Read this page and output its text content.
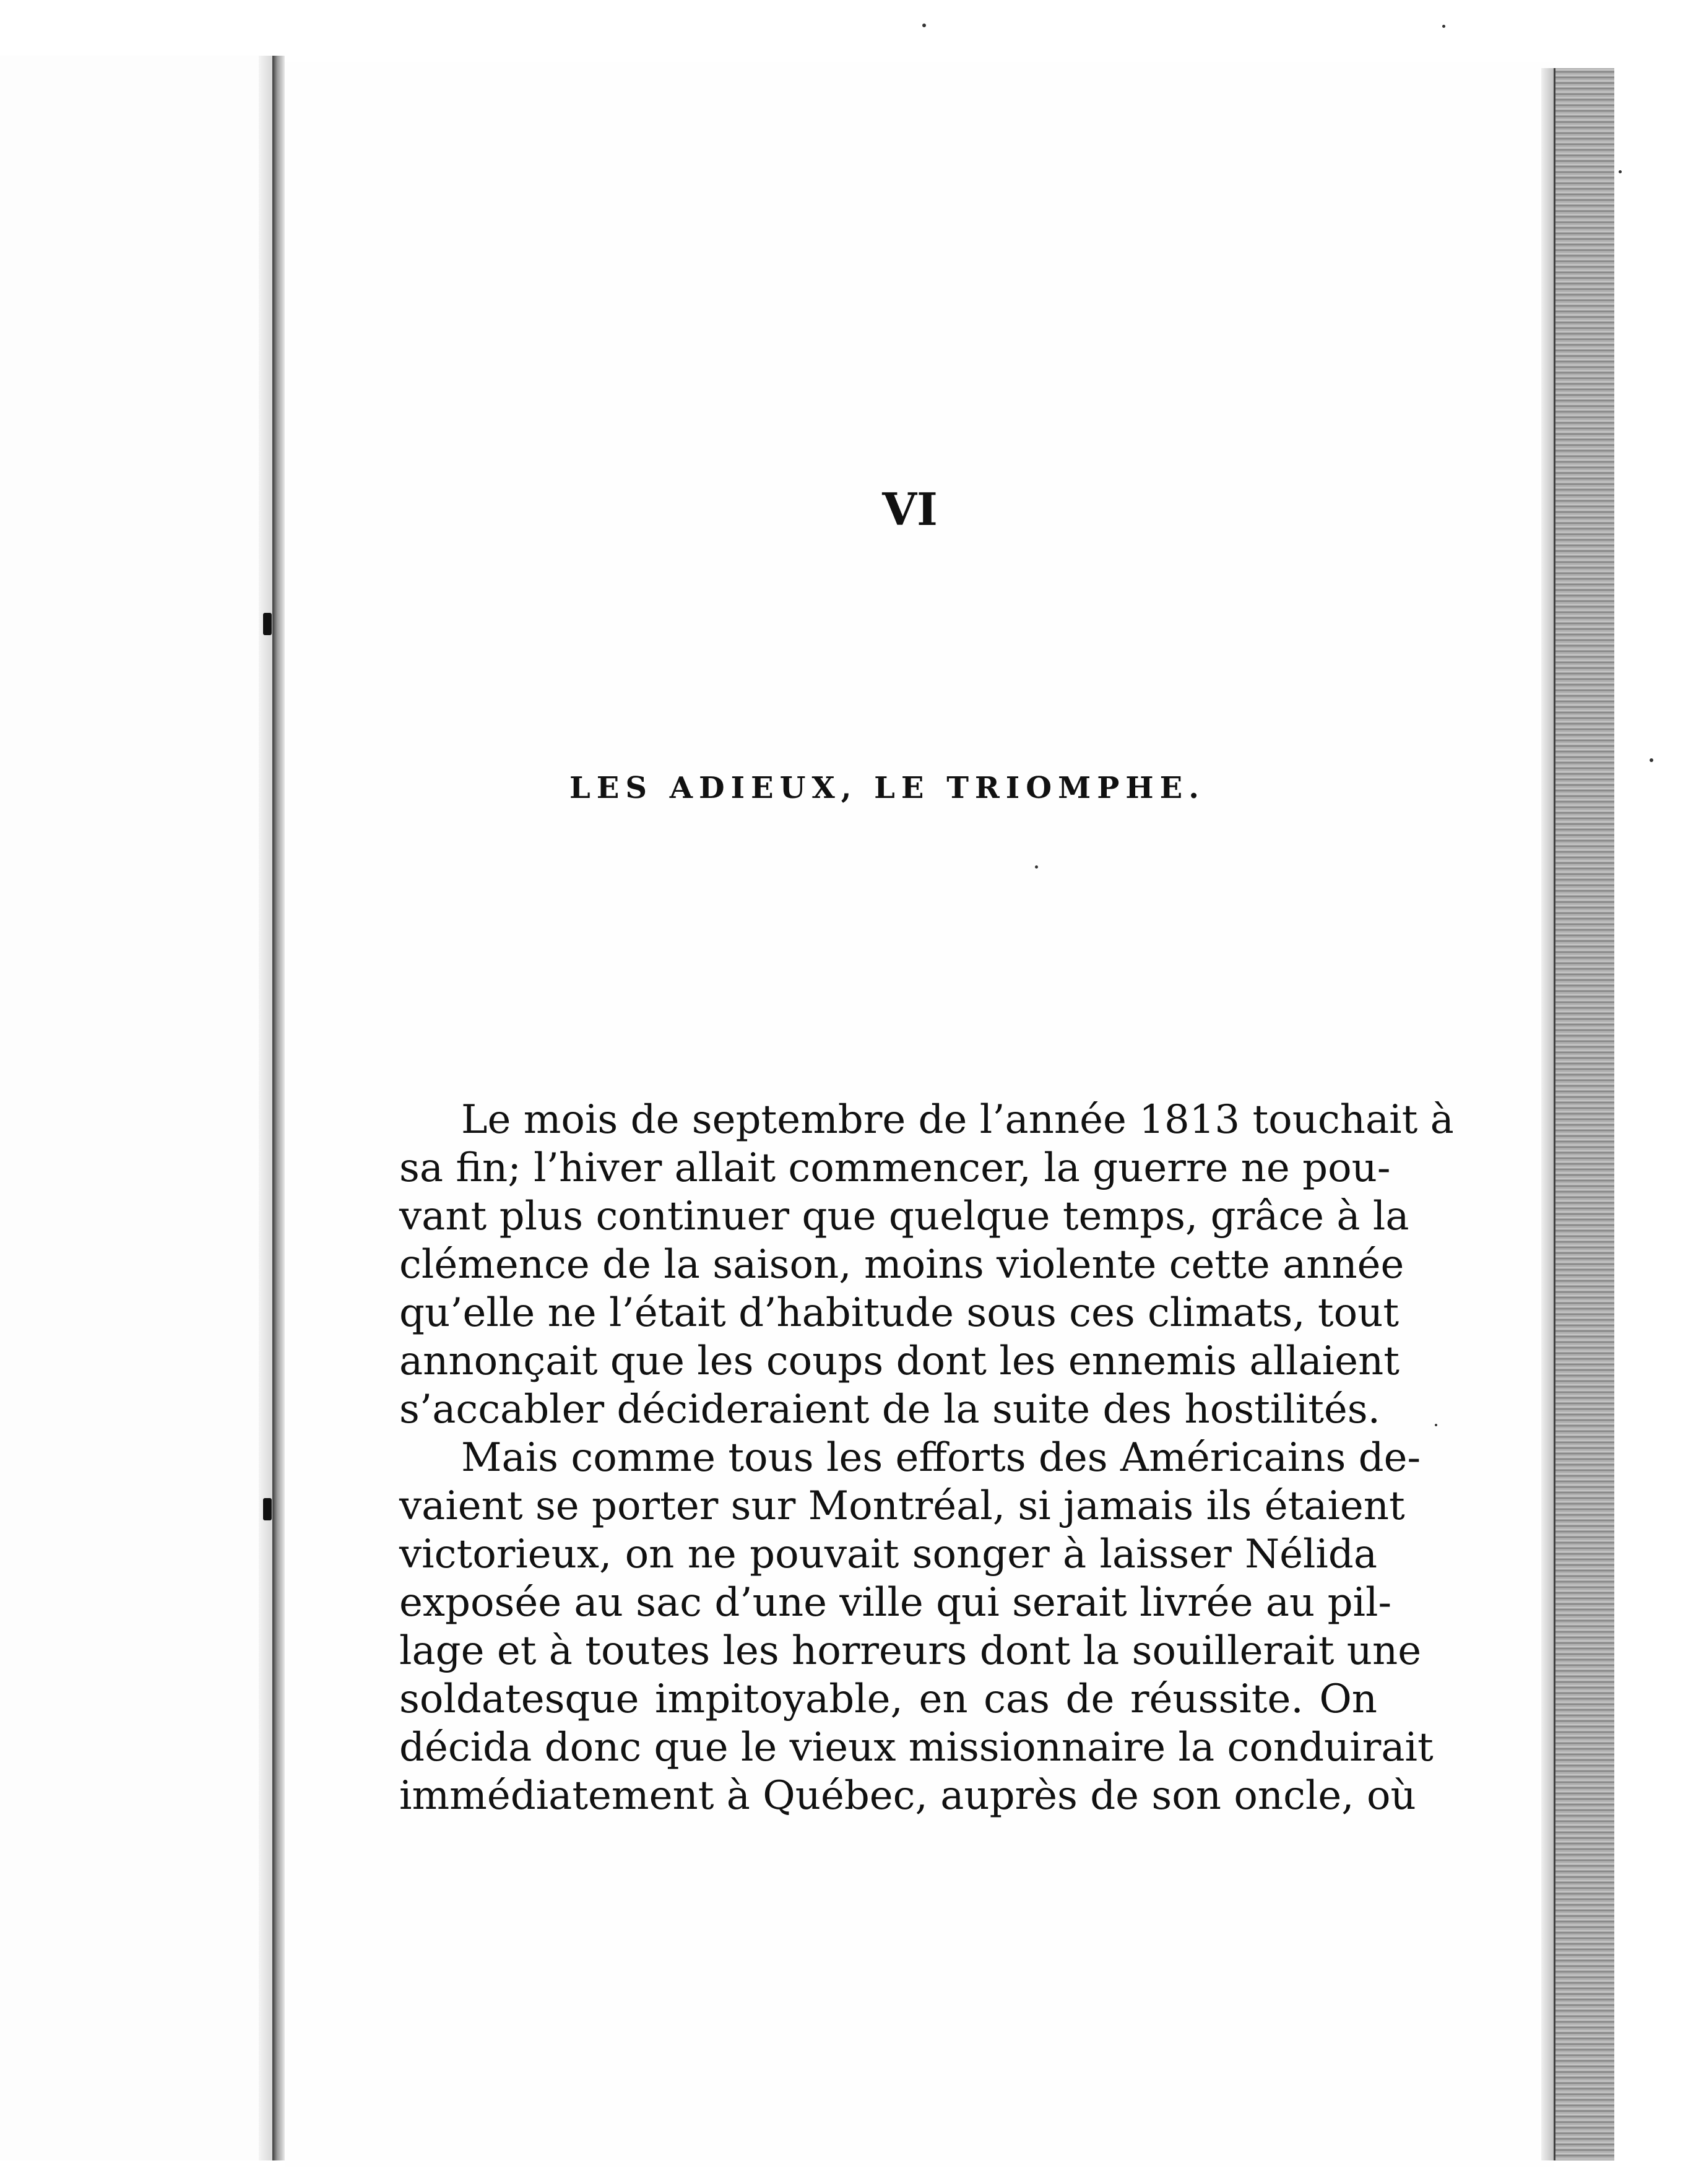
VI
LES ADIEUX, LE TRIOMPHE.
Le mois de septembre de l’année 1813 touchait à
sa fin; l’hiver allait commencer, la guerre ne pou-
vant plus continuer que quelque temps, grâce à la
clémence de la saison, moins violente cette année
qu’elle ne l’était d’habitude sous ces climats, tout
annonçait que les coups dont les ennemis allaient
s’accabler décideraient de la suite des hostilités.
Mais comme tous les efforts des Américains de-
vaient se porter sur Montréal, si jamais ils étaient
victorieux, on ne pouvait songer à laisser Nélida
exposée au sac d’une ville qui serait livrée au pil-
lage et à toutes les horreurs dont la souillerait une
soldatesque impitoyable, en cas de réussite. On
décida donc que le vieux missionnaire la conduirait
immédiatement à Québec, auprès de son oncle, où
